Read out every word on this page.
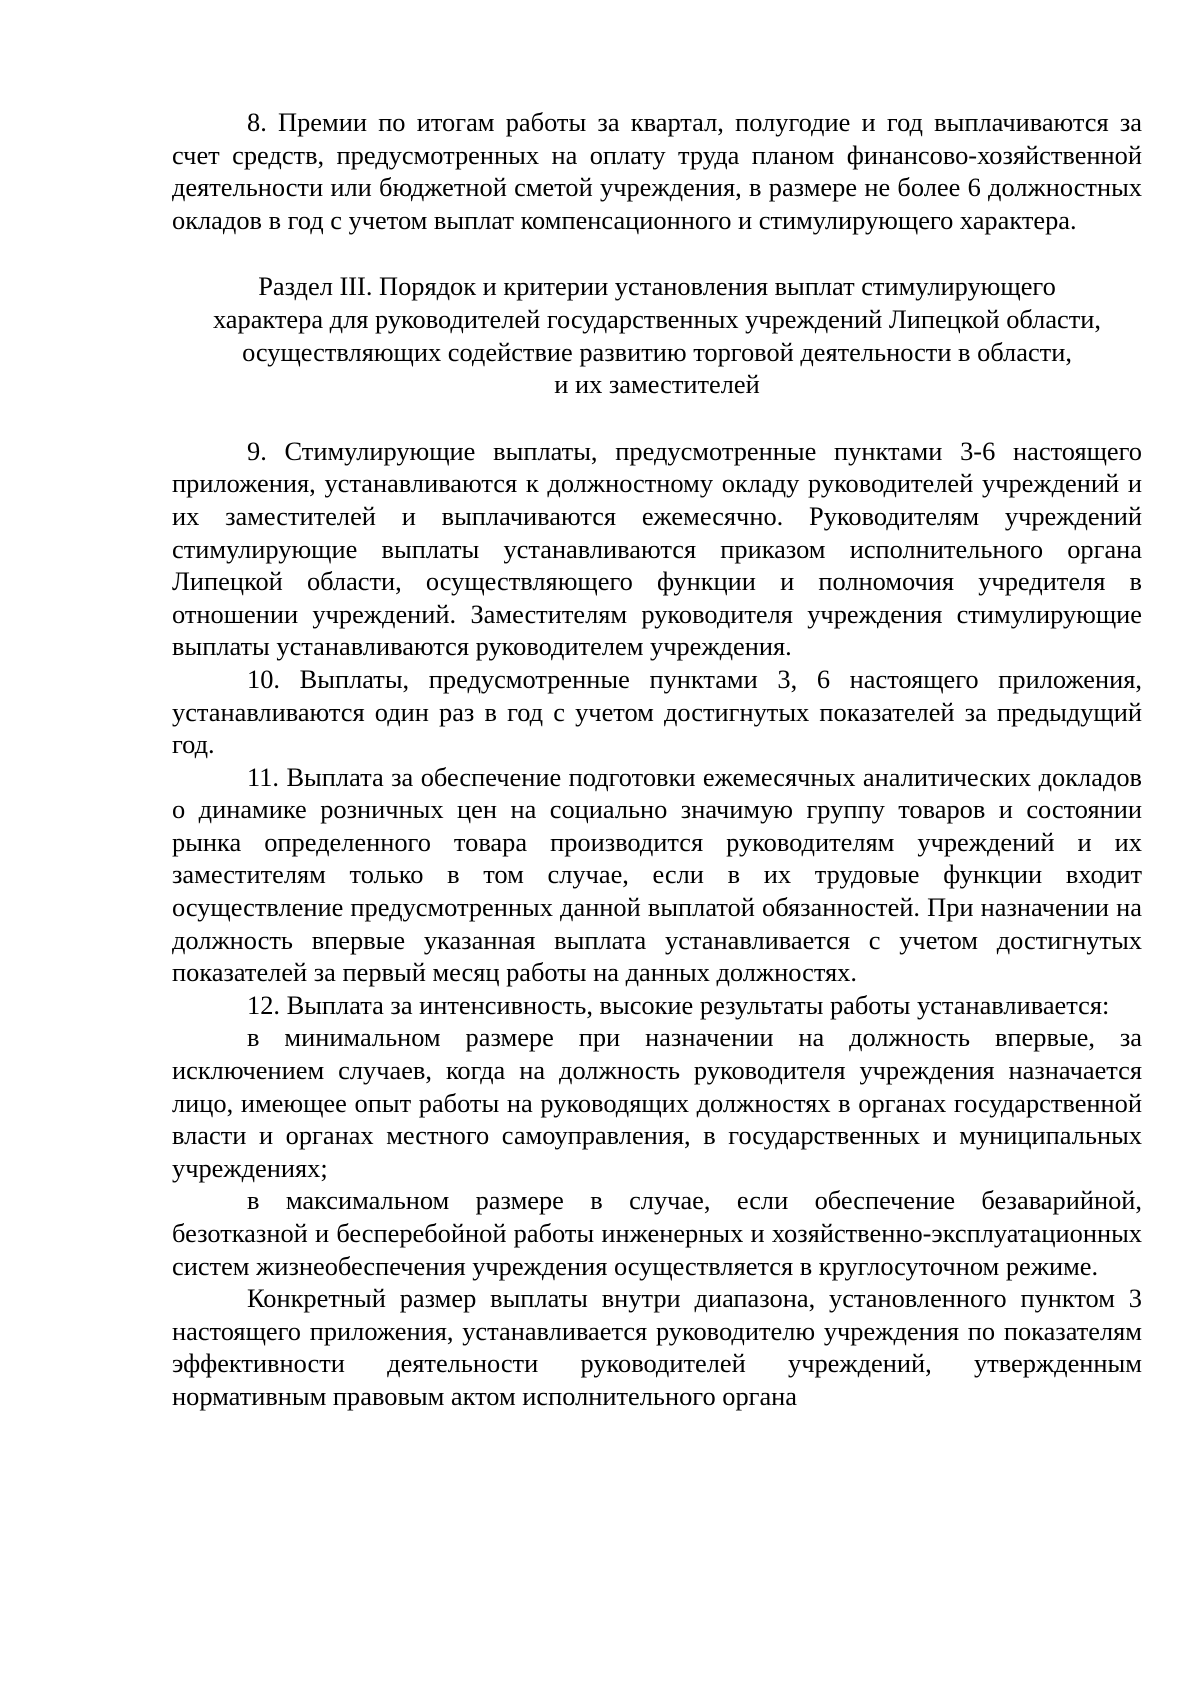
8. Премии по итогам работы за квартал, полугодие и год выплачиваются за счет средств, предусмотренных на оплату труда планом финансово-хозяйственной деятельности или бюджетной сметой учреждения, в размере не более 6 должностных окладов в год с учетом выплат компенсационного и стимулирующего характера.

Раздел III. Порядок и критерии установления выплат стимулирующего
характера для руководителей государственных учреждений Липецкой области,
осуществляющих содействие развитию торговой деятельности в области,
и их заместителей

9. Стимулирующие выплаты, предусмотренные пунктами 3-6 настоящего приложения, устанавливаются к должностному окладу руководителей учреждений и их заместителей и выплачиваются ежемесячно. Руководителям учреждений стимулирующие выплаты устанавливаются приказом исполнительного органа Липецкой области, осуществляющего функции и полномочия учредителя в отношении учреждений. Заместителям руководителя учреждения стимулирующие выплаты устанавливаются руководителем учреждения.

10. Выплаты, предусмотренные пунктами 3, 6 настоящего приложения, устанавливаются один раз в год с учетом достигнутых показателей за предыдущий год.

11. Выплата за обеспечение подготовки ежемесячных аналитических докладов о динамике розничных цен на социально значимую группу товаров и состоянии рынка определенного товара производится руководителям учреждений и их заместителям только в том случае, если в их трудовые функции входит осуществление предусмотренных данной выплатой обязанностей. При назначении на должность впервые указанная выплата устанавливается с учетом достигнутых показателей за первый месяц работы на данных должностях.

12. Выплата за интенсивность, высокие результаты работы устанавливается:

в минимальном размере при назначении на должность впервые, за исключением случаев, когда на должность руководителя учреждения назначается лицо, имеющее опыт работы на руководящих должностях в органах государственной власти и органах местного самоуправления, в государственных и муниципальных учреждениях;

в максимальном размере в случае, если обеспечение безаварийной, безотказной и бесперебойной работы инженерных и хозяйственно-эксплуатационных систем жизнеобеспечения учреждения осуществляется в круглосуточном режиме.

Конкретный размер выплаты внутри диапазона, установленного пунктом 3 настоящего приложения, устанавливается руководителю учреждения по показателям эффективности деятельности руководителей учреждений, утвержденным нормативным правовым актом исполнительного органа
